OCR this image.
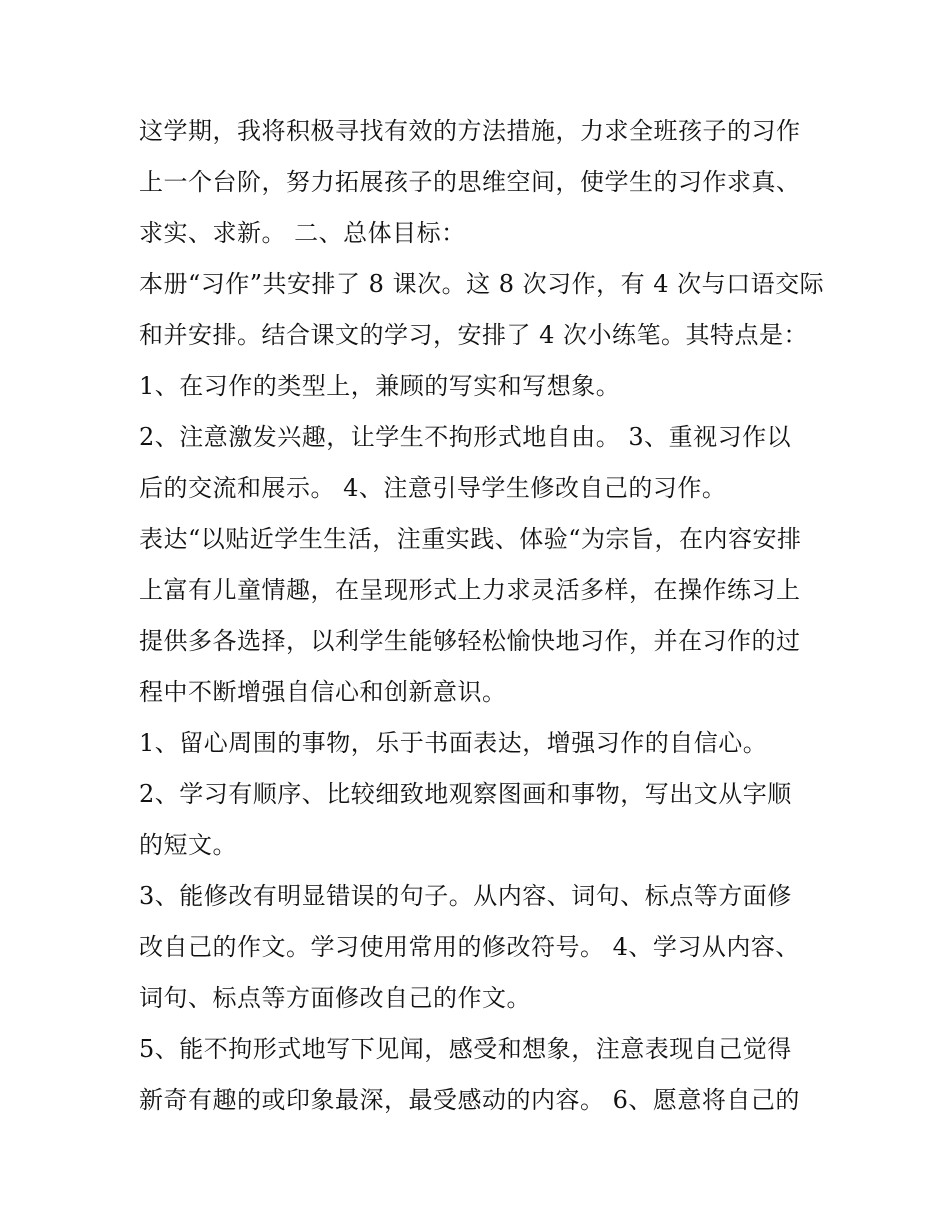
这学期，我将积极寻找有效的方法措施，力求全班孩子的习作
上一个台阶，努力拓展孩子的思维空间，使学生的习作求真、
求实、求新。 二、总体目标：
本册“习作”共安排了 8 课次。这 8 次习作，有 4 次与口语交际
和并安排。结合课文的学习，安排了 4 次小练笔。其特点是：
1、在习作的类型上，兼顾的写实和写想象。
2、注意激发兴趣，让学生不拘形式地自由。 3、重视习作以
后的交流和展示。 4、注意引导学生修改自己的习作。
表达“以贴近学生生活，注重实践、体验“为宗旨，在内容安排
上富有儿童情趣，在呈现形式上力求灵活多样，在操作练习上
提供多各选择，以利学生能够轻松愉快地习作，并在习作的过
程中不断增强自信心和创新意识。
1、留心周围的事物，乐于书面表达，增强习作的自信心。
2、学习有顺序、比较细致地观察图画和事物，写出文从字顺
的短文。
3、能修改有明显错误的句子。从内容、词句、标点等方面修
改自己的作文。学习使用常用的修改符号。 4、学习从内容、
词句、标点等方面修改自己的作文。
5、能不拘形式地写下见闻，感受和想象，注意表现自己觉得
新奇有趣的或印象最深，最受感动的内容。 6、愿意将自己的
